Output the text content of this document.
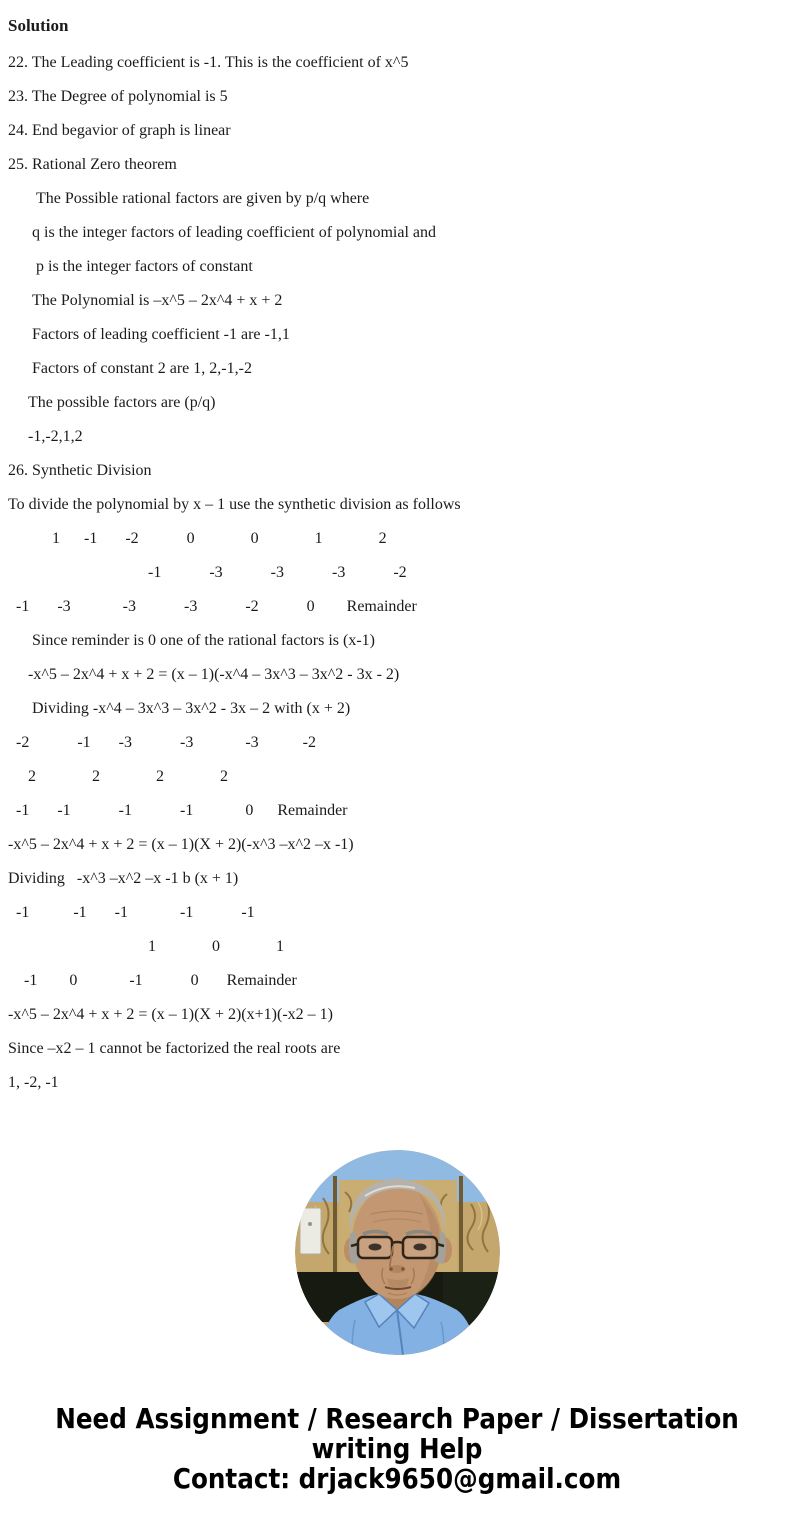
Solution
22. The Leading coefficient is -1. This is the coefficient of x^5
23. The Degree of polynomial is 5
24. End begavior of graph is linear
25. Rational Zero theorem
The Possible rational factors are given by p/q where
q is the integer factors of leading coefficient of polynomial and
p is the integer factors of constant
The Polynomial is –x^5 – 2x^4 + x + 2
Factors of leading coefficient -1 are -1,1
Factors of constant 2 are 1, 2,-1,-2
The possible factors are (p/q)
-1,-2,1,2
26. Synthetic Division
To divide the polynomial by x – 1 use the synthetic division as follows
1      -1       -2            0              0              1              2
-1            -3            -3            -3            -2
-1       -3             -3            -3            -2            0        Remainder
Since reminder is 0 one of the rational factors is (x-1)
-x^5 – 2x^4 + x + 2 = (x – 1)(-x^4 – 3x^3 – 3x^2 - 3x - 2)
Dividing -x^4 – 3x^3 – 3x^2 - 3x – 2 with (x + 2)
-2            -1       -3            -3             -3           -2
2              2              2              2
-1       -1            -1            -1             0      Remainder
-x^5 – 2x^4 + x + 2 = (x – 1)(X + 2)(-x^3 –x^2 –x -1)
Dividing   -x^3 –x^2 –x -1 b (x + 1)
-1           -1       -1             -1            -1
1              0              1
-1        0             -1            0       Remainder
-x^5 – 2x^4 + x + 2 = (x – 1)(X + 2)(x+1)(-x2 – 1)
Since –x2 – 1 cannot be factorized the real roots are
1, -2, -1
Need Assignment / Research Paper / Dissertation
writing Help
Contact: drjack9650@gmail.com
